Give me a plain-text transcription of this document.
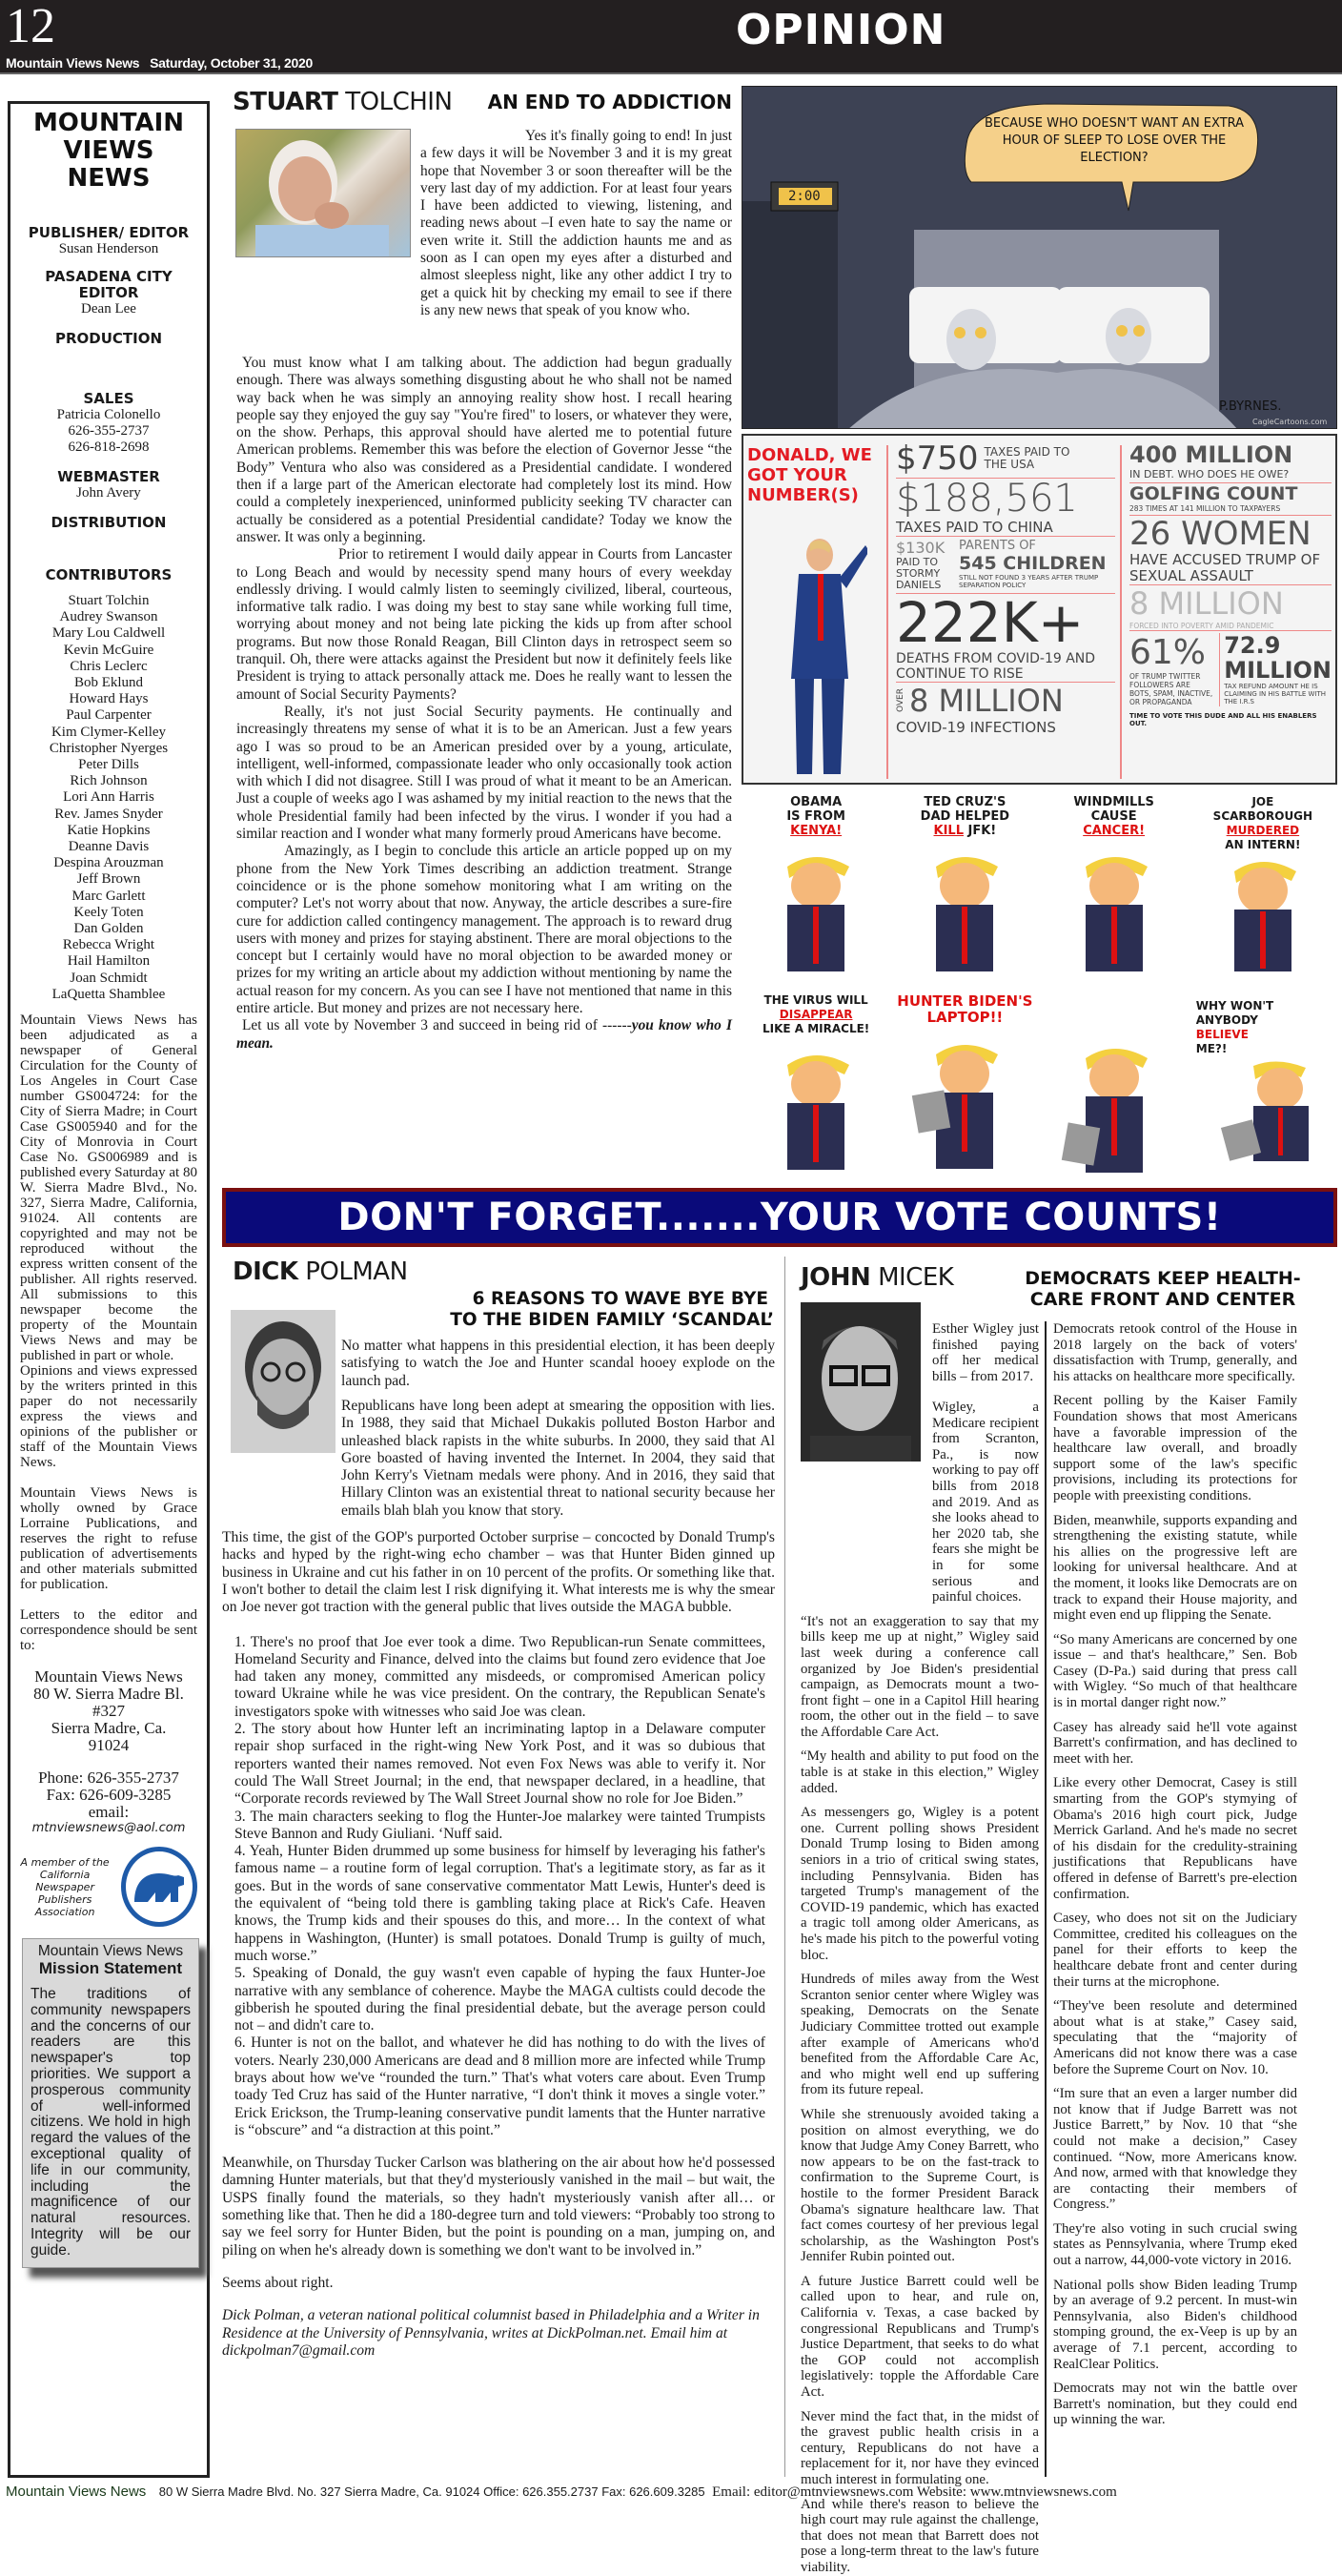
12
Mountain Views News Saturday, October 31, 2020
OPINION
MOUNTAIN
VIEWS
NEWS
PUBLISHER/ EDITOR
Susan Henderson
PASADENA CITY EDITOR
Dean Lee
PRODUCTION
SALES
Patricia Colonello
626-355-2737
626-818-2698
WEBMASTER
John Avery
DISTRIBUTION
CONTRIBUTORS
Stuart Tolchin
Audrey Swanson
Mary Lou Caldwell
Kevin McGuire
Chris Leclerc
Bob Eklund
Howard Hays
Paul Carpenter
Kim Clymer-Kelley
Christopher Nyerges
Peter Dills
Rich Johnson
Lori Ann Harris
Rev. James Snyder
Katie Hopkins
Deanne Davis
Despina Arouzman
Jeff Brown
Marc Garlett
Keely Toten
Dan Golden
Rebecca Wright
Hail Hamilton
Joan Schmidt
LaQuetta Shamblee
Mountain Views News has been adjudicated as a newspaper of General Circulation for the County of Los Angeles in Court Case number GS004724: for the City of Sierra Madre; in Court Case GS005940 and for the City of Monrovia in Court Case No. GS006989 and is published every Saturday at 80 W. Sierra Madre Blvd., No. 327, Sierra Madre, California, 91024. All contents are copyrighted and may not be reproduced without the express written consent of the publisher. All rights reserved. All submissions to this newspaper become the property of the Mountain Views News and may be published in part or whole.
Opinions and views expressed by the writers printed in this paper do not necessarily express the views and opinions of the publisher or staff of the Mountain Views News.
Mountain Views News is wholly owned by Grace Lorraine Publications, and reserves the right to refuse publication of advertisements and other materials submitted for publication.
Letters to the editor and correspondence should be sent to:
Mountain Views News
80 W. Sierra Madre Bl.
#327
Sierra Madre, Ca.
91024
Phone: 626-355-2737
Fax: 626-609-3285
email:
mtnviewsnews@aol.com
A member of the California Newspaper Publishers Association
Mountain Views News
Mission Statement
The traditions of community newspapers and the concerns of our readers are this newspaper's top priorities. We support a prosperous community of well-informed citizens. We hold in high regard the values of the exceptional quality of life in our community, including the magnificence of our natural resources. Integrity will be our guide.
STUART TOLCHIN	AN END TO ADDICTION

Yes it's finally going to end! In just a few days it will be November 3 and it is my great hope that November 3 or soon thereafter will be the very last day of my addiction. For at least four years I have been addicted to viewing, listening, and reading news about –I even hate to say the name or even write it. Still the addiction haunts me and as soon as I can open my eyes after a disturbed and almost sleepless night, like any other addict I try to get a quick hit by checking my email to see if there is any new news that speak of you know who.

You must know what I am talking about. The addiction had begun gradually enough. There was always something disgusting about he who shall not be named way back when he was simply an annoying reality show host. I recall hearing people say they enjoyed the guy say "You're fired" to losers, or whatever they were, on the show. Perhaps, this approval should have alerted me to potential future American problems. Remember this was before the election of Governor Jesse “the Body” Ventura who also was considered as a Presidential candidate. I wondered then if a large part of the American electorate had completely lost its mind. How could a completely inexperienced, uninformed publicity seeking TV character can actually be considered as a potential Presidential candidate? Today we know the answer. It was only a beginning.

Prior to retirement I would daily appear in Courts from Lancaster to Long Beach and would by necessity spend many hours of every weekday endlessly driving. I would calmly listen to seemingly civilized, liberal, courteous, informative talk radio. I was doing my best to stay sane while working full time, worrying about money and not being late picking the kids up from after school programs. But now those Ronald Reagan, Bill Clinton days in retrospect seem so tranquil. Oh, there were attacks against the President but now it definitely feels like President is trying to attack personally attack me. Does he really want to lessen the amount of Social Security Payments?

Really, it's not just Social Security payments. He continually and increasingly threatens my sense of what it is to be an American. Just a few years ago I was so proud to be an American presided over by a young, articulate, intelligent, well-informed, compassionate leader who only occasionally took action with which I did not disagree. Still I was proud of what it meant to be an American. Just a couple of weeks ago I was ashamed by my initial reaction to the news that the whole Presidential family had been infected by the virus. I wonder if you had a similar reaction and I wonder what many formerly proud Americans have become.

Amazingly, as I begin to conclude this article an article popped up on my phone from the New York Times describing an addiction treatment. Strange coincidence or is the phone somehow monitoring what I am writing on the computer? Let's not worry about that now. Anyway, the article describes a sure-fire cure for addiction called contingency management. The approach is to reward drug users with money and prizes for staying abstinent. There are moral objections to the concept but I certainly would have no moral objection to be awarded money or prizes for my writing an article about my addiction without mentioning by name the actual reason for my concern. As you can see I have not mentioned that name in this entire article. But money and prizes are not necessary here.

Let us all vote by November 3 and succeed in being rid of ------you know who I mean.

2:00
BECAUSE WHO DOESN'T WANT AN EXTRA HOUR OF SLEEP TO LOSE OVER THE ELECTION?
P.BYRNES.
CagleCartoons.com
DONALD, WE GOT YOUR NUMBER(S)
$750 TAXES PAID TO THE USA
$188,561
TAXES PAID TO CHINA
$130K
PAID TO STORMY DANIELS
PARENTS OF
545 CHILDREN
STILL NOT FOUND 3 YEARS AFTER TRUMP SEPARATION POLICY
222K+
DEATHS FROM COVID-19 AND CONTINUE TO RISE
OVER 8 MILLION
COVID-19 INFECTIONS
400 MILLION
IN DEBT. WHO DOES HE OWE?
GOLFING COUNT
283 TIMES AT 141 MILLION TO TAXPAYERS
26 WOMEN
HAVE ACCUSED TRUMP OF SEXUAL ASSAULT
8 MILLION
FORCED INTO POVERTY AMID PANDEMIC
61%
OF TRUMP TWITTER FOLLOWERS ARE BOTS, SPAM, INACTIVE, OR PROPAGANDA
72.9 MILLION
TAX REFUND AMOUNT HE IS CLAIMING IN HIS BATTLE WITH THE I.R.S
TIME TO VOTE THIS DUDE AND ALL HIS ENABLERS OUT.
OBAMA
IS FROM
KENYA!
TED CRUZ'S
DAD HELPED
KILL JFK!
WINDMILLS
CAUSE
CANCER!
JOE
SCARBOROUGH
MURDERED
AN INTERN!
THE VIRUS WILL
DISAPPEAR
LIKE A MIRACLE!
HUNTER BIDEN'S LAPTOP!!
WHY WON'T
ANYBODY
BELIEVE
ME?!
DON'T FORGET.......YOUR VOTE COUNTS!
DICK POLMAN
6 REASONS TO WAVE BYE BYE
TO THE BIDEN FAMILY ‘SCANDAL’

No matter what happens in this presidential election, it has been deeply satisfying to watch the Joe and Hunter scandal hooey explode on the launch pad.

Republicans have long been adept at smearing the opposition with lies. In 1988, they said that Michael Dukakis polluted Boston Harbor and unleashed black rapists in the white suburbs. In 2000, they said that Al Gore boasted of having invented the Internet. In 2004, they said that John Kerry's Vietnam medals were phony. And in 2016, they said that Hillary Clinton was an existential threat to national security because her emails blah blah you know that story.

This time, the gist of the GOP's purported October surprise – concocted by Donald Trump's hacks and hyped by the right-wing echo chamber – was that Hunter Biden ginned up business in Ukraine and cut his father in on 10 percent of the profits. Or something like that. I won't bother to detail the claim lest I risk dignifying it. What interests me is why the smear on Joe never got traction with the general public that lives outside the MAGA bubble.

1. There's no proof that Joe ever took a dime. Two Republican-run Senate committees, Homeland Security and Finance, delved into the claims but found zero evidence that Joe had taken any money, committed any misdeeds, or compromised American policy toward Ukraine while he was vice president. On the contrary, the Republican Senate's investigators spoke with witnesses who said Joe was clean.

2. The story about how Hunter left an incriminating laptop in a Delaware computer repair shop surfaced in the right-wing New York Post, and it was so dubious that reporters wanted their names removed. Not even Fox News was able to verify it. Nor could The Wall Street Journal; in the end, that newspaper declared, in a headline, that “Corporate records reviewed by The Wall Street Journal show no role for Joe Biden.”

3. The main characters seeking to flog the Hunter-Joe malarkey were tainted Trumpists Steve Bannon and Rudy Giuliani. ‘Nuff said.

4. Yeah, Hunter Biden drummed up some business for himself by leveraging his father's famous name – a routine form of legal corruption. That's a legitimate story, as far as it goes. But in the words of sane conservative commentator Matt Lewis, Hunter's deed is the equivalent of “being told there is gambling taking place at Rick's Cafe. Heaven knows, the Trump kids and their spouses do this, and more… In the context of what happens in Washington, (Hunter) is small potatoes. Donald Trump is guilty of much, much worse.”

5. Speaking of Donald, the guy wasn't even capable of hyping the faux Hunter-Joe narrative with any semblance of coherence. Maybe the MAGA cultists could decode the gibberish he spouted during the final presidential debate, but the average person could not – and didn't care to.

6. Hunter is not on the ballot, and whatever he did has nothing to do with the lives of voters. Nearly 230,000 Americans are dead and 8 million more are infected while Trump brays about how we've “rounded the turn.” That's what voters care about. Even Trump toady Ted Cruz has said of the Hunter narrative, “I don't think it moves a single voter.” Erick Erickson, the Trump-leaning conservative pundit laments that the Hunter narrative is “obscure” and “a distraction at this point.”

Meanwhile, on Thursday Tucker Carlson was blathering on the air about how he'd possessed damning Hunter materials, but that they'd mysteriously vanished in the mail – but wait, the USPS finally found the materials, so they hadn't mysteriously vanish after all… or something like that. Then he did a 180-degree turn and told viewers: “Probably too strong to say we feel sorry for Hunter Biden, but the point is pounding on a man, jumping on, and piling on when he's already down is something we don't want to be involved in.”

Seems about right.

Dick Polman, a veteran national political columnist based in Philadelphia and a Writer in Residence at the University of Pennsylvania, writes at DickPolman.net. Email him at dickpolman7@gmail.com

JOHN MICEK	DEMOCRATS KEEP HEALTH-
CARE FRONT AND CENTER

Esther Wigley just finished paying off her medical bills – from 2017.

Wigley, a Medicare recipient from Scranton, Pa., is now working to pay off bills from 2018 and 2019. And as she looks ahead to her 2020 tab, she fears she might be in for some serious and painful choices.

“It's not an exaggeration to say that my bills keep me up at night,” Wigley said last week during a conference call organized by Joe Biden's presidential campaign, as Democrats mount a two-front fight – one in a Capitol Hill hearing room, the other out in the field – to save the Affordable Care Act.

“My health and ability to put food on the table is at stake in this election,” Wigley added.

As messengers go, Wigley is a potent one. Current polling shows President Donald Trump losing to Biden among seniors in a trio of critical swing states, including Pennsylvania. Biden has targeted Trump's management of the COVID-19 pandemic, which has exacted a tragic toll among older Americans, as he's made his pitch to the powerful voting bloc.

Hundreds of miles away from the West Scranton senior center where Wigley was speaking, Democrats on the Senate Judiciary Committee trotted out example after example of Americans who'd benefited from the Affordable Care Ac, and who might well end up suffering from its future repeal.

While she strenuously avoided taking a position on almost everything, we do know that Judge Amy Coney Barrett, who now appears to be on the fast-track to confirmation to the Supreme Court, is hostile to the former President Barack Obama's signature healthcare law. That fact comes courtesy of her previous legal scholarship, as the Washington Post's Jennifer Rubin pointed out.

A future Justice Barrett could well be called upon to hear, and rule on, California v. Texas, a case backed by congressional Republicans and Trump's Justice Department, that seeks to do what the GOP could not accomplish legislatively: topple the Affordable Care Act.

Never mind the fact that, in the midst of the gravest public health crisis in a century, Republicans do not have a replacement for it, nor have they evinced much interest in formulating one.

And while there's reason to believe the high court may rule against the challenge, that does not mean that Barrett does not pose a long-term threat to the law's future viability.

Democrats retook control of the House in 2018 largely on the back of voters' dissatisfaction with Trump, generally, and his attacks on healthcare more specifically.

Recent polling by the Kaiser Family Foundation shows that most Americans have a favorable impression of the healthcare law overall, and broadly support some of the law's specific provisions, including its protections for people with preexisting conditions.

Biden, meanwhile, supports expanding and strengthening the existing statute, while his allies on the progressive left are looking for universal healthcare. And at the moment, it looks like Democrats are on track to expand their House majority, and might even end up flipping the Senate.

“So many Americans are concerned by one issue – and that's healthcare,” Sen. Bob Casey (D-Pa.) said during that press call with Wigley. “So much of that healthcare is in mortal danger right now.”

Casey has already said he'll vote against Barrett's confirmation, and has declined to meet with her.

Like every other Democrat, Casey is still smarting from the GOP's stymying of Obama's 2016 high court pick, Judge Merrick Garland. And he's made no secret of his disdain for the credulity-straining justifications that Republicans have offered in defense of Barrett's pre-election confirmation.

Casey, who does not sit on the Judiciary Committee, credited his colleagues on the panel for their efforts to keep the healthcare debate front and center during their turns at the microphone.

“They've been resolute and determined about what is at stake,” Casey said, speculating that the “majority of Americans did not know there was a case before the Supreme Court on Nov. 10.

“Im sure that an even a larger number did not know that if Judge Barrett was not Justice Barrett,” by Nov. 10 that “she could not make a decision,” Casey continued. “Now, more Americans know. And now, armed with that knowledge they are contacting their members of Congress.”

They're also voting in such crucial swing states as Pennsylvania, where Trump eked out a narrow, 44,000-vote victory in 2016.

National polls show Biden leading Trump by an average of 9.2 percent. In must-win Pennsylvania, also Biden's childhood stomping ground, the ex-Veep is up by an average of 7.1 percent, according to RealClear Politics.

Democrats may not win the battle over Barrett's nomination, but they could end up winning the war.

Mountain Views News 80 W Sierra Madre Blvd. No. 327 Sierra Madre, Ca. 91024 Office: 626.355.2737 Fax: 626.609.3285 Email: editor@mtnviewsnews.com Website: www.mtnviewsnews.com
